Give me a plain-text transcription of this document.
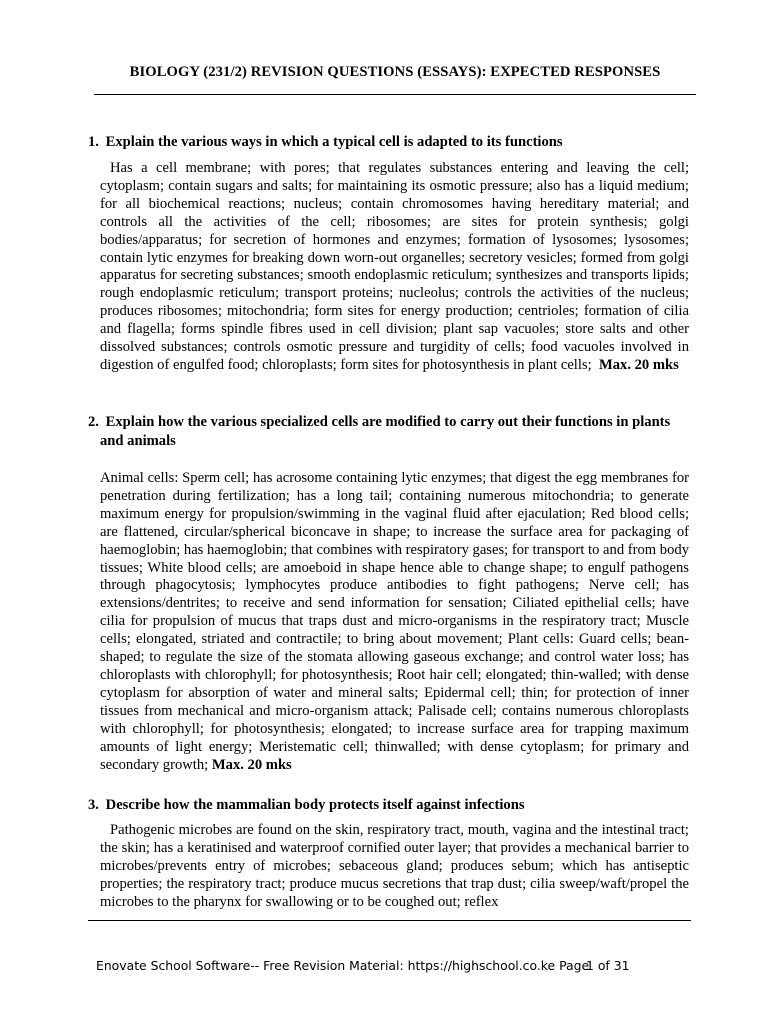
BIOLOGY (231/2) REVISION QUESTIONS (ESSAYS): EXPECTED RESPONSES
1. Explain the various ways in which a typical cell is adapted to its functions
Has a cell membrane; with pores; that regulates substances entering and leaving the cell; cytoplasm; contain sugars and salts; for maintaining its osmotic pressure; also has a liquid medium; for all biochemical reactions; nucleus; contain chromosomes having hereditary material; and controls all the activities of the cell; ribosomes; are sites for protein synthesis; golgi bodies/apparatus; for secretion of hormones and enzymes; formation of lysosomes; lysosomes; contain lytic enzymes for breaking down worn-out organelles; secretory vesicles; formed from golgi apparatus for secreting substances; smooth endoplasmic reticulum; synthesizes and transports lipids; rough endoplasmic reticulum; transport proteins; nucleolus; controls the activities of the nucleus; produces ribosomes; mitochondria; form sites for energy production; centrioles; formation of cilia and flagella; forms spindle fibres used in cell division; plant sap vacuoles; store salts and other dissolved substances; controls osmotic pressure and turgidity of cells; food vacuoles involved in digestion of engulfed food; chloroplasts; form sites for photosynthesis in plant cells; Max. 20 mks
2. Explain how the various specialized cells are modified to carry out their functions in plants
and animals
Animal cells: Sperm cell; has acrosome containing lytic enzymes; that digest the egg membranes for penetration during fertilization; has a long tail; containing numerous mitochondria; to generate maximum energy for propulsion/swimming in the vaginal fluid after ejaculation; Red blood cells; are flattened, circular/spherical biconcave in shape; to increase the surface area for packaging of haemoglobin; has haemoglobin; that combines with respiratory gases; for transport to and from body tissues; White blood cells; are amoeboid in shape hence able to change shape; to engulf pathogens through phagocytosis; lymphocytes produce antibodies to fight pathogens; Nerve cell; has extensions/dentrites; to receive and send information for sensation; Ciliated epithelial cells; have cilia for propulsion of mucus that traps dust and micro-organisms in the respiratory tract; Muscle cells; elongated, striated and contractile; to bring about movement; Plant cells: Guard cells; bean-shaped; to regulate the size of the stomata allowing gaseous exchange; and control water loss; has chloroplasts with chlorophyll; for photosynthesis; Root hair cell; elongated; thin-walled; with dense cytoplasm for absorption of water and mineral salts; Epidermal cell; thin; for protection of inner tissues from mechanical and micro-organism attack; Palisade cell; contains numerous chloroplasts with chlorophyll; for photosynthesis; elongated; to increase surface area for trapping maximum amounts of light energy; Meristematic cell; thinwalled; with dense cytoplasm; for primary and secondary growth; Max. 20 mks
3. Describe how the mammalian body protects itself against infections
Pathogenic microbes are found on the skin, respiratory tract, mouth, vagina and the intestinal tract; the skin; has a keratinised and waterproof cornified outer layer; that provides a mechanical barrier to microbes/prevents entry of microbes; sebaceous gland; produces sebum; which has antiseptic properties; the respiratory tract; produce mucus secretions that trap dust; cilia sweep/waft/propel the microbes to the pharynx for swallowing or to be coughed out; reflex
Enovate School Software-- Free Revision Material: https://highschool.co.ke Page
1 of 31
